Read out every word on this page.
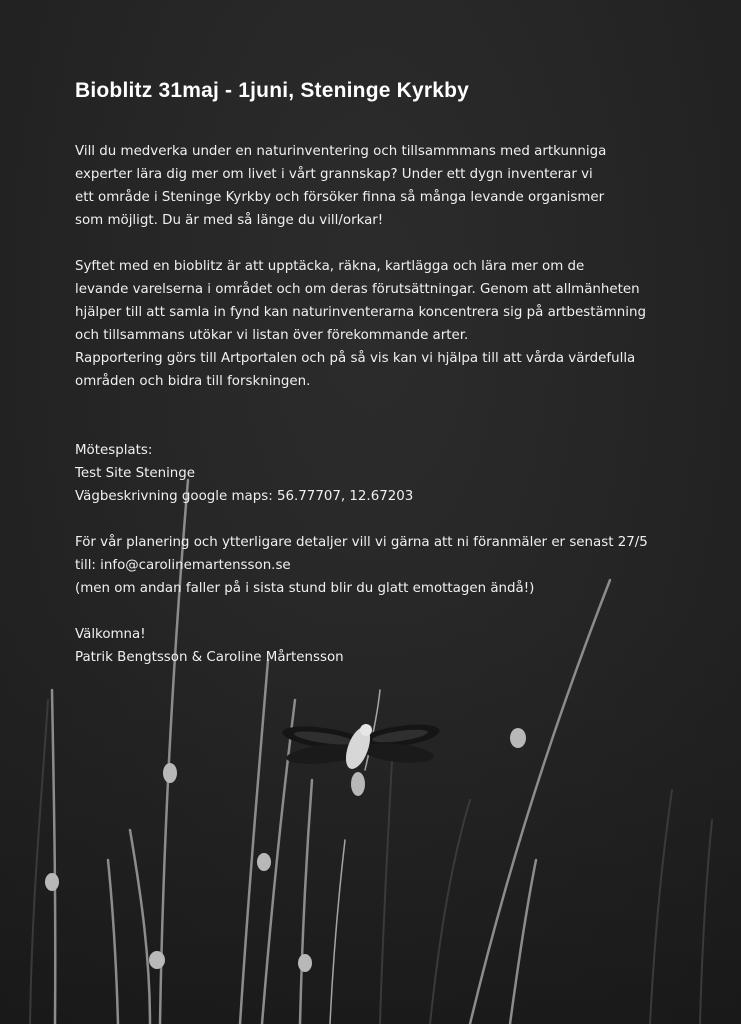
Bioblitz 31maj - 1juni, Steninge Kyrkby

Vill du medverka under en naturinventering och tillsammmans med artkunniga

experter lära dig mer om livet i vårt grannskap? Under ett dygn inventerar vi

ett område i Steninge Kyrkby och försöker finna så många levande organismer

som möjligt. Du är med så länge du vill/orkar!

Syftet med en bioblitz är att upptäcka, räkna, kartlägga och lära mer om de

levande varelserna i området och om deras förutsättningar. Genom att allmänheten

hjälper till att samla in fynd kan naturinventerarna koncentrera sig på artbestämning

och tillsammans utökar vi listan över förekommande arter.

Rapportering görs till Artportalen och på så vis kan vi hjälpa till att vårda värdefulla

områden och bidra till forskningen.

Mötesplats:

Test Site Steninge

Vägbeskrivning google maps: 56.77707, 12.67203

För vår planering och ytterligare detaljer vill vi gärna att ni föranmäler er senast 27/5

till: info@carolinemartensson.se

(men om andan faller på i sista stund blir du glatt emottagen ändå!)

Välkomna!

Patrik Bengtsson & Caroline Mårtensson
